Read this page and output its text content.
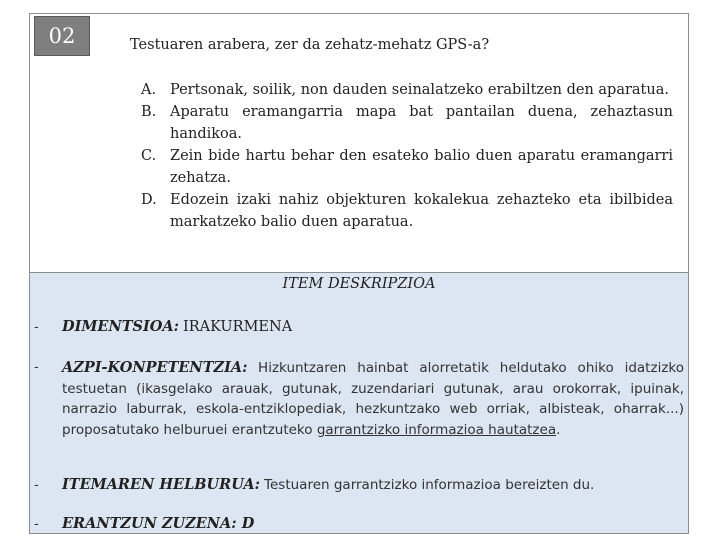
02	Testuaren arabera, zer da zehatz-mehatz GPS-a?
A. Pertsonak, soilik, non dauden seinalatzeko erabiltzen den aparatua.
B. Aparatu eramangarria mapa bat pantailan duena, zehaztasun handikoa.
C. Zein bide hartu behar den esateko balio duen aparatu eramangarri zehatza.
D. Edozein izaki nahiz objekturen kokalekua zehazteko eta ibilbidea markatzeko balio duen aparatua.
ITEM DESKRIPZIOA
- DIMENTSIOA: IRAKURMENA
- AZPI-KONPETENTZIA: Hizkuntzaren hainbat alorretatik heldutako ohiko idatzizko testuetan (ikasgelako arauak, gutunak, zuzendariari gutunak, arau orokorrak, ipuinak, narrazio laburrak, eskola-entziklopediak, hezkuntzako web orriak, albisteak, oharrak...) proposatutako helburuei erantzuteko garrantzizko informazioa hautatzea.
- ITEMAREN HELBURUA: Testuaren garrantzizko informazioa bereizten du.
- ERANTZUN ZUZENA: D
